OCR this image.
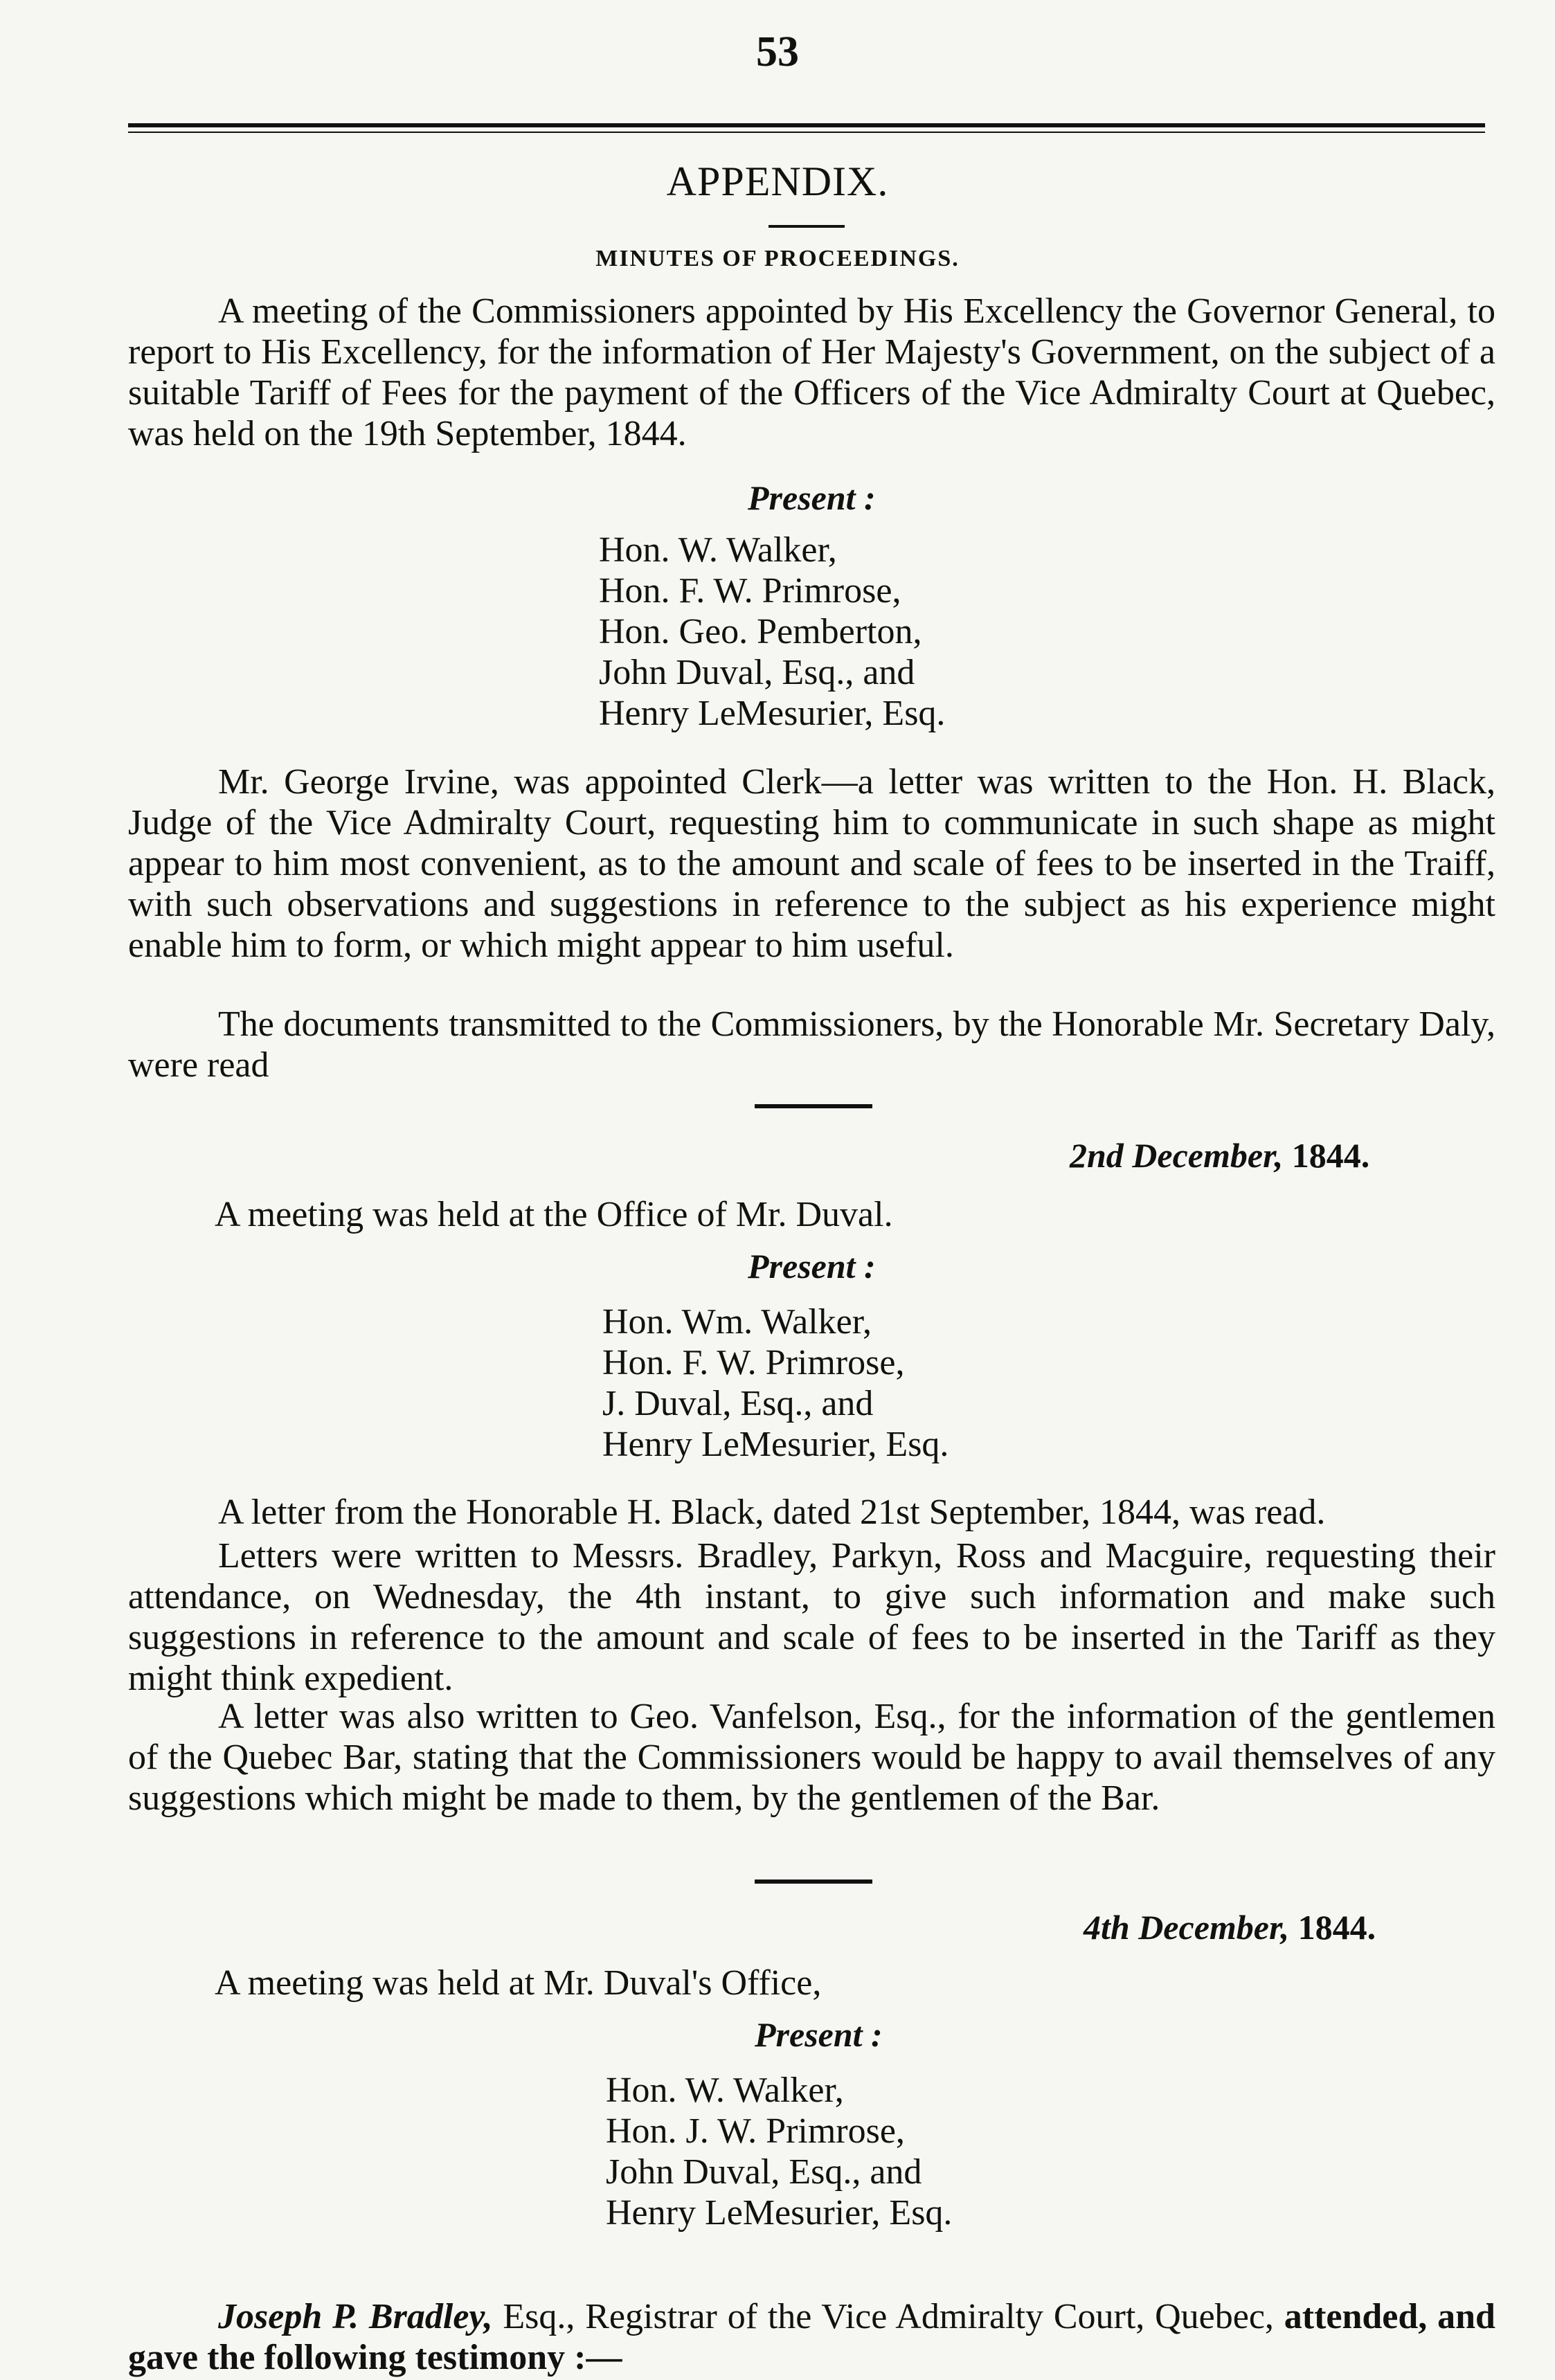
53
APPENDIX.
MINUTES OF PROCEEDINGS.

A meeting of the Commissioners appointed by His Excellency the Governor General, to report to His Excellency, for the information of Her Majesty's Government, on the subject of a suitable Tariff of Fees for the payment of the Officers of the Vice Admiralty Court at Quebec, was held on the 19th September, 1844.

Present :
Hon. W. Walker,
Hon. F. W. Primrose,
Hon. Geo. Pemberton,
John Duval, Esq., and
Henry LeMesurier, Esq.

Mr. George Irvine, was appointed Clerk—a letter was written to the Hon. H. Black, Judge of the Vice Admiralty Court, requesting him to communicate in such shape as might appear to him most convenient, as to the amount and scale of fees to be inserted in the Traiff, with such observations and suggestions in reference to the subject as his experience might enable him to form, or which might appear to him useful.

The documents transmitted to the Commissioners, by the Honorable Mr. Secretary Daly, were read

2nd December, 1844.
A meeting was held at the Office of Mr. Duval.
Present :
Hon. Wm. Walker,
Hon. F. W. Primrose,
J. Duval, Esq., and
Henry LeMesurier, Esq.

A letter from the Honorable H. Black, dated 21st September, 1844, was read.

Letters were written to Messrs. Bradley, Parkyn, Ross and Macguire, requesting their attendance, on Wednesday, the 4th instant, to give such information and make such suggestions in reference to the amount and scale of fees to be inserted in the Tariff as they might think expedient.

A letter was also written to Geo. Vanfelson, Esq., for the information of the gentlemen of the Quebec Bar, stating that the Commissioners would be happy to avail themselves of any suggestions which might be made to them, by the gentlemen of the Bar.

4th December, 1844.
A meeting was held at Mr. Duval's Office,
Present :
Hon. W. Walker,
Hon. J. W. Primrose,
John Duval, Esq., and
Henry LeMesurier, Esq.

Joseph P. Bradley, Esq., Registrar of the Vice Admiralty Court, Quebec, attended, and gave the following testimony :—
